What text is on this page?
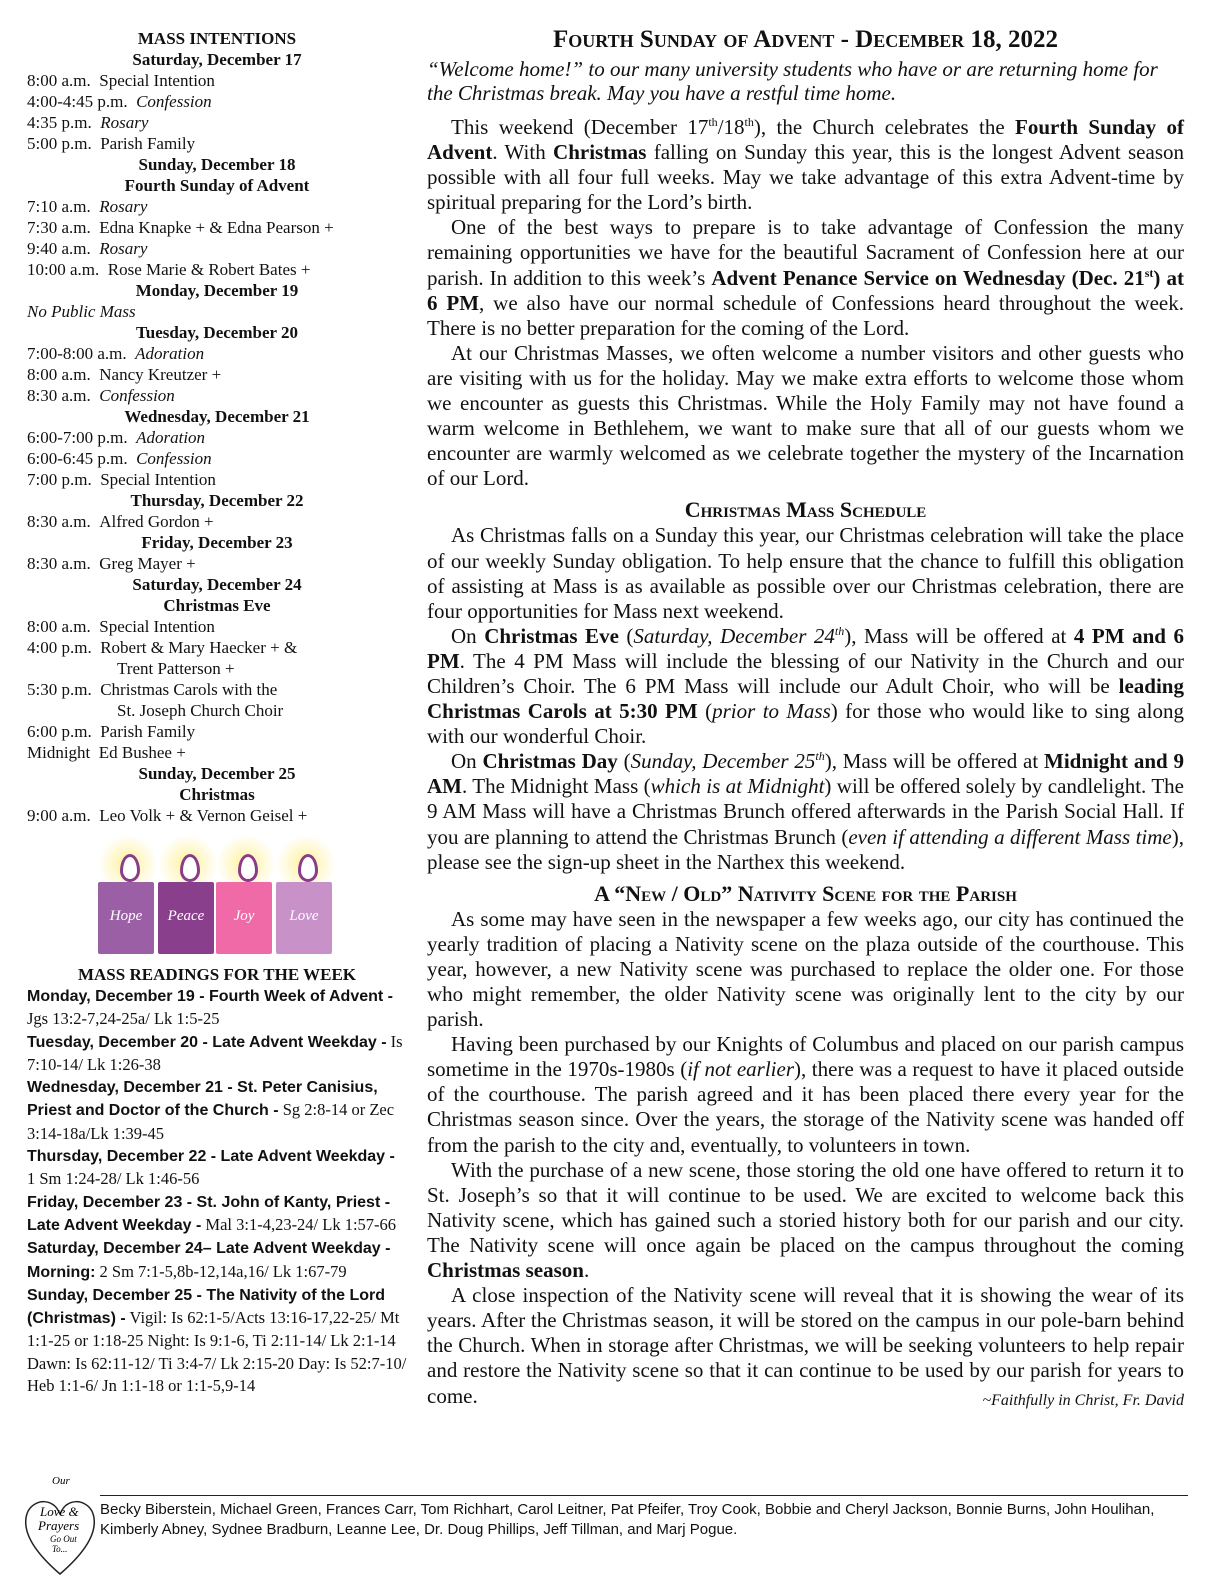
MASS INTENTIONS
Saturday, December 17
8:00 a.m. Special Intention
4:00-4:45 p.m. Confession
4:35 p.m. Rosary
5:00 p.m. Parish Family
Sunday, December 18
Fourth Sunday of Advent
7:10 a.m. Rosary
7:30 a.m. Edna Knapke + & Edna Pearson +
9:40 a.m. Rosary
10:00 a.m. Rose Marie & Robert Bates +
Monday, December 19
No Public Mass
Tuesday, December 20
7:00-8:00 a.m. Adoration
8:00 a.m. Nancy Kreutzer +
8:30 a.m. Confession
Wednesday, December 21
6:00-7:00 p.m. Adoration
6:00-6:45 p.m. Confession
7:00 p.m. Special Intention
Thursday, December 22
8:30 a.m. Alfred Gordon +
Friday, December 23
8:30 a.m. Greg Mayer +
Saturday, December 24
Christmas Eve
8:00 a.m. Special Intention
4:00 p.m. Robert & Mary Haecker + &
Trent Patterson +
5:30 p.m. Christmas Carols with the
St. Joseph Church Choir
6:00 p.m. Parish Family
Midnight Ed Bushee +
Sunday, December 25
Christmas
9:00 a.m. Leo Volk + & Vernon Geisel +
Hope	Peace	Joy	Love
MASS READINGS FOR THE WEEK

Monday, December 19 - Fourth Week of Advent - Jgs 13:2-7,24-25a/ Lk 1:5-25

Tuesday, December 20 - Late Advent Weekday - Is 7:10-14/ Lk 1:26-38

Wednesday, December 21 - St. Peter Canisius, Priest and Doctor of the Church - Sg 2:8-14 or Zec 3:14-18a/Lk 1:39-45

Thursday, December 22 - Late Advent Weekday - 1 Sm 1:24-28/ Lk 1:46-56

Friday, December 23 - St. John of Kanty, Priest - Late Advent Weekday - Mal 3:1-4,23-24/ Lk 1:57-66

Saturday, December 24– Late Advent Weekday - Morning: 2 Sm 7:1-5,8b-12,14a,16/ Lk 1:67-79

Sunday, December 25 - The Nativity of the Lord (Christmas) - Vigil: Is 62:1-5/Acts 13:16-17,22-25/ Mt 1:1-25 or 1:18-25 Night: Is 9:1-6, Ti 2:11-14/ Lk 2:1-14 Dawn: Is 62:11-12/ Ti 3:4-7/ Lk 2:15-20 Day: Is 52:7-10/ Heb 1:1-6/ Jn 1:1-18 or 1:1-5,9-14

Fourth Sunday of Advent - December 18, 2022
“Welcome home!” to our many university students who have or are returning home for the Christmas break. May you have a restful time home.

This weekend (December 17th/18th), the Church celebrates the Fourth Sunday of Advent. With Christmas falling on Sunday this year, this is the longest Advent season possible with all four full weeks. May we take advantage of this extra Advent-time by spiritual preparing for the Lord’s birth.

One of the best ways to prepare is to take advantage of Confession the many remaining opportunities we have for the beautiful Sacrament of Confession here at our parish. In addition to this week’s Advent Penance Service on Wednesday (Dec. 21st) at 6 PM, we also have our normal schedule of Confessions heard throughout the week. There is no better preparation for the coming of the Lord.

At our Christmas Masses, we often welcome a number visitors and other guests who are visiting with us for the holiday. May we make extra efforts to welcome those whom we encounter as guests this Christmas. While the Holy Family may not have found a warm welcome in Bethlehem, we want to make sure that all of our guests whom we encounter are warmly welcomed as we celebrate together the mystery of the Incarnation of our Lord.

Christmas Mass Schedule

As Christmas falls on a Sunday this year, our Christmas celebration will take the place of our weekly Sunday obligation. To help ensure that the chance to fulfill this obligation of assisting at Mass is as available as possible over our Christmas celebration, there are four opportunities for Mass next weekend.

On Christmas Eve (Saturday, December 24th), Mass will be offered at 4 PM and 6 PM. The 4 PM Mass will include the blessing of our Nativity in the Church and our Children’s Choir. The 6 PM Mass will include our Adult Choir, who will be leading Christmas Carols at 5:30 PM (prior to Mass) for those who would like to sing along with our wonderful Choir.

On Christmas Day (Sunday, December 25th), Mass will be offered at Midnight and 9 AM. The Midnight Mass (which is at Midnight) will be offered solely by candlelight. The 9 AM Mass will have a Christmas Brunch offered afterwards in the Parish Social Hall. If you are planning to attend the Christmas Brunch (even if attending a different Mass time), please see the sign-up sheet in the Narthex this weekend.

A “New / Old” Nativity Scene for the Parish

As some may have seen in the newspaper a few weeks ago, our city has continued the yearly tradition of placing a Nativity scene on the plaza outside of the courthouse. This year, however, a new Nativity scene was purchased to replace the older one. For those who might remember, the older Nativity scene was originally lent to the city by our parish.

Having been purchased by our Knights of Columbus and placed on our parish campus sometime in the 1970s-1980s (if not earlier), there was a request to have it placed outside of the courthouse. The parish agreed and it has been placed there every year for the Christmas season since. Over the years, the storage of the Nativity scene was handed off from the parish to the city and, eventually, to volunteers in town.

With the purchase of a new scene, those storing the old one have offered to return it to St. Joseph’s so that it will continue to be used. We are excited to welcome back this Nativity scene, which has gained such a storied history both for our parish and our city. The Nativity scene will once again be placed on the campus throughout the coming Christmas season.

A close inspection of the Nativity scene will reveal that it is showing the wear of its years. After the Christmas season, it will be stored on the campus in our pole-barn behind the Church. When in storage after Christmas, we will be seeking volunteers to help repair and restore the Nativity scene so that it can continue to be used by our parish for years to come.	~Faithfully in Christ, Fr. David

Our
Love &
Prayers
Go Out
To...
Becky Biberstein, Michael Green, Frances Carr, Tom Richhart, Carol Leitner, Pat Pfeifer, Troy Cook, Bobbie and Cheryl Jackson, Bonnie Burns, John Houlihan, Kimberly Abney, Sydnee Bradburn, Leanne Lee, Dr. Doug Phillips, Jeff Tillman, and Marj Pogue.
